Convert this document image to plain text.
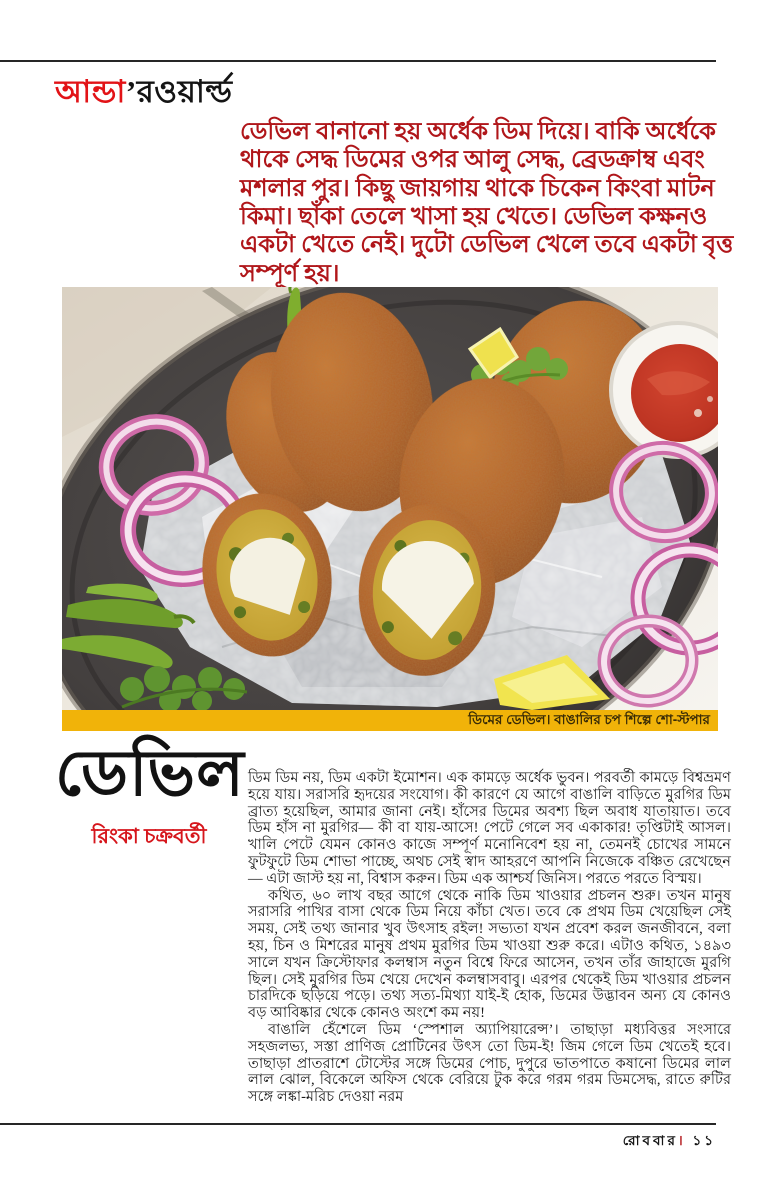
আন্ডা’রওয়ার্ল্ড

ডেভিল বানানো হয় অর্ধেক ডিম দিয়ে। বাকি অর্ধেকে থাকে সেদ্ধ ডিমের ওপর আলু সেদ্ধ, ব্রেডক্রাম্ব এবং মশলার পুর। কিছু জায়গায় থাকে চিকেন কিংবা মাটন কিমা। ছাঁকা তেলে খাসা হয় খেতে। ডেভিল কক্ষনও একটা খেতে নেই। দুটো ডেভিল খেলে তবে একটা বৃত্ত সম্পূর্ণ হয়।

ডিমের ডেভিল। বাঙালির চপ শিল্পে শো-স্টপার
ডেভিল

রিংকা চক্রবর্তী

ডিম ডিম নয়, ডিম একটা ইমোশন। এক কামড়ে অর্ধেক ভুবন। পরবর্তী কামড়ে বিশ্বভ্রমণ হয়ে যায়। সরাসরি হৃদয়ের সংযোগ। কী কারণে যে আগে বাঙালি বাড়িতে মুরগির ডিম ব্রাত্য হয়েছিল, আমার জানা নেই। হাঁসের ডিমের অবশ্য ছিল অবাধ যাতায়াত। তবে ডিম হাঁস না মুরগির— কী বা যায়-আসে! পেটে গেলে সব একাকার! তৃপ্তিটাই আসল। খালি পেটে যেমন কোনও কাজে সম্পূর্ণ মনোনিবেশ হয় না, তেমনই চোখের সামনে ফুটফুটে ডিম শোভা পাচ্ছে, অথচ সেই স্বাদ আহরণে আপনি নিজেকে বঞ্চিত রেখেছেন— এটা জাস্ট হয় না, বিশ্বাস করুন। ডিম এক আশ্চর্য জিনিস। পরতে পরতে বিস্ময়।

কথিত, ৬০ লাখ বছর আগে থেকে নাকি ডিম খাওয়ার প্রচলন শুরু। তখন মানুষ সরাসরি পাখির বাসা থেকে ডিম নিয়ে কাঁচা খেত। তবে কে প্রথম ডিম খেয়েছিল সেই সময়, সেই তথ্য জানার খুব উৎসাহ রইল! সভ্যতা যখন প্রবেশ করল জনজীবনে, বলা হয়, চিন ও মিশরের মানুষ প্রথম মুরগির ডিম খাওয়া শুরু করে। এটাও কথিত, ১৪৯৩ সালে যখন ক্রিস্টোফার কলম্বাস নতুন বিশ্বে ফিরে আসেন, তখন তাঁর জাহাজে মুরগি ছিল। সেই মুরগির ডিম খেয়ে দেখেন কলম্বাসবাবু। এরপর থেকেই ডিম খাওয়ার প্রচলন চারদিকে ছড়িয়ে পড়ে। তথ্য সত্য-মিথ্যা যাই-ই হোক, ডিমের উদ্ভাবন অন্য যে কোনও বড় আবিষ্কার থেকে কোনও অংশে কম নয়!

বাঙালি হেঁশেলে ডিম ‘স্পেশাল অ্যাপিয়ারেন্স’। তাছাড়া মধ্যবিত্তর সংসারে সহজলভ্য, সস্তা প্রাণিজ প্রোটিনের উৎস তো ডিম-ই! জিম গেলে ডিম খেতেই হবে। তাছাড়া প্রাতরাশে টোস্টের সঙ্গে ডিমের পোচ, দুপুরে ভাতপাতে কষানো ডিমের লাল লাল ঝোল, বিকেলে অফিস থেকে বেরিয়ে টুক করে গরম গরম ডিমসেদ্ধ, রাতে রুটির সঙ্গে লঙ্কা-মরিচ দেওয়া নরম

রোববার। ১১
